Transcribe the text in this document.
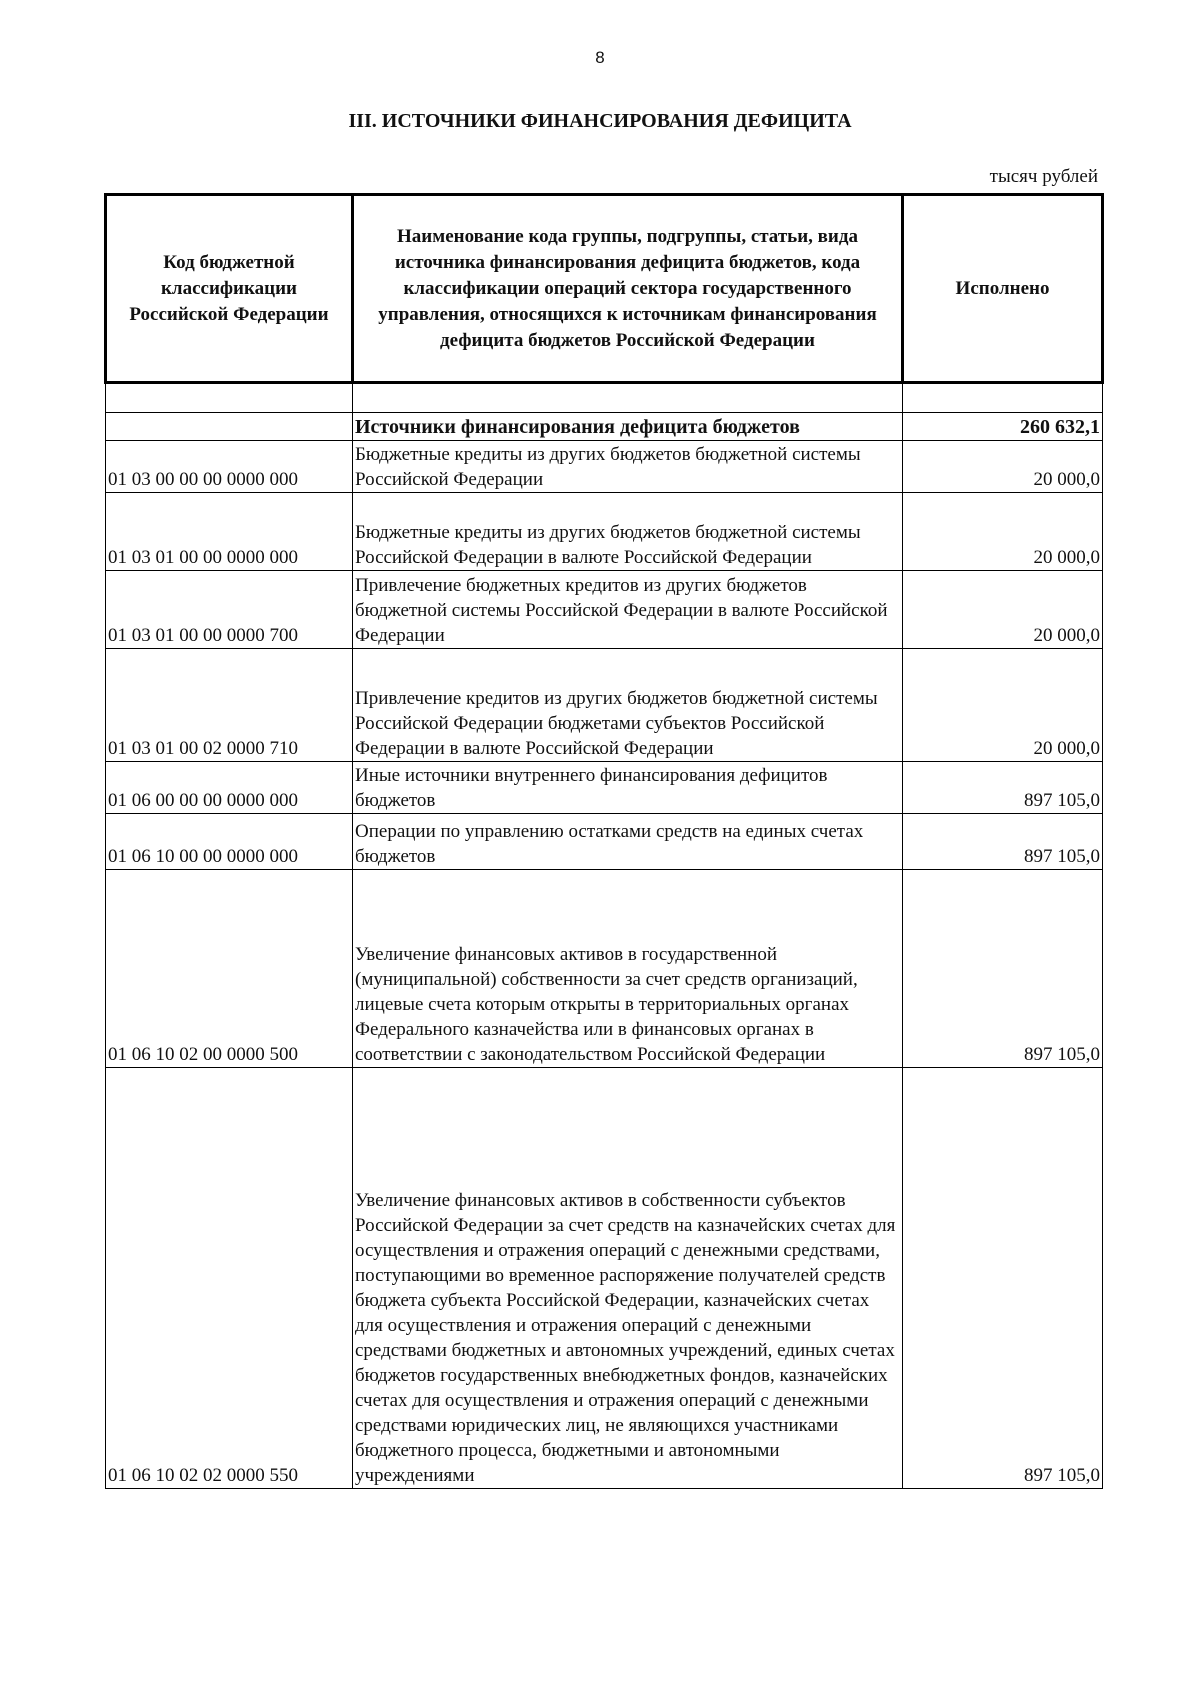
8
III. ИСТОЧНИКИ ФИНАНСИРОВАНИЯ ДЕФИЦИТА
тысяч рублей
Код бюджетной классификации Российской Федерации	Наименование кода группы, подгруппы, статьи, вида источника финансирования дефицита бюджетов, кода классификации операций сектора государственного управления, относящихся к источникам финансирования дефицита бюджетов Российской Федерации	Исполнено

	Источники финансирования дефицита бюджетов	260 632,1
01 03 00 00 00 0000 000	Бюджетные кредиты из других бюджетов бюджетной системы Российской Федерации	20 000,0
01 03 01 00 00 0000 000	Бюджетные кредиты из других бюджетов бюджетной системы Российской Федерации в валюте Российской Федерации	20 000,0
01 03 01 00 00 0000 700	Привлечение бюджетных кредитов из других бюджетов бюджетной системы Российской Федерации в валюте Российской Федерации	20 000,0
01 03 01 00 02 0000 710	Привлечение кредитов из других бюджетов бюджетной системы Российской Федерации бюджетами субъектов Российской Федерации в валюте Российской Федерации	20 000,0
01 06 00 00 00 0000 000	Иные источники внутреннего финансирования дефицитов бюджетов	897 105,0
01 06 10 00 00 0000 000	Операции по управлению остатками средств на единых счетах бюджетов	897 105,0
01 06 10 02 00 0000 500	Увеличение финансовых активов в государственной (муниципальной) собственности за счет средств организаций, лицевые счета которым открыты в территориальных органах Федерального казначейства или в финансовых органах в соответствии с законодательством Российской Федерации	897 105,0
01 06 10 02 02 0000 550	Увеличение финансовых активов в собственности субъектов Российской Федерации за счет средств на казначейских счетах для осуществления и отражения операций с денежными средствами, поступающими во временное распоряжение получателей средств бюджета субъекта Российской Федерации, казначейских счетах для осуществления и отражения операций с денежными средствами бюджетных и автономных учреждений, единых счетах бюджетов государственных внебюджетных фондов, казначейских счетах для осуществления и отражения операций с денежными средствами юридических лиц, не являющихся участниками бюджетного процесса, бюджетными и автономными учреждениями	897 105,0
